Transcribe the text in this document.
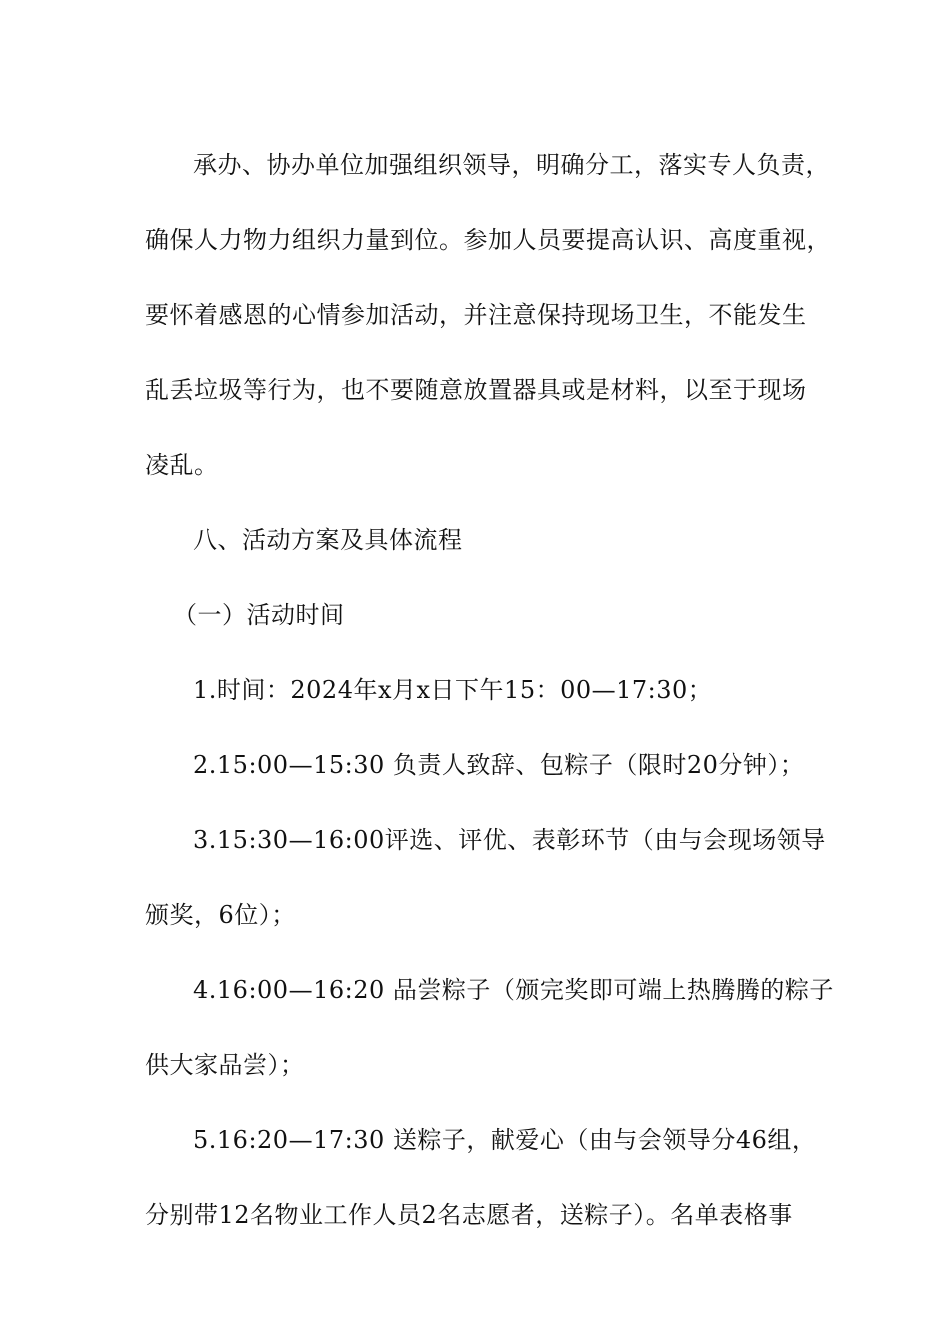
承办、协办单位加强组织领导，明确分工，落实专人负责，
确保人力物力组织力量到位。参加人员要提高认识、高度重视，
要怀着感恩的心情参加活动，并注意保持现场卫生，不能发生
乱丢垃圾等行为，也不要随意放置器具或是材料，以至于现场
凌乱。
八、活动方案及具体流程
（一）活动时间
1.时间：2024年x月x日下午15：00—17:30；
2.15:00—15:30 负责人致辞、包粽子（限时20分钟）；
3.15:30—16:00评选、评优、表彰环节（由与会现场领导
颁奖，6位）；
4.16:00—16:20 品尝粽子（颁完奖即可端上热腾腾的粽子
供大家品尝）；
5.16:20—17:30 送粽子，献爱心（由与会领导分46组，
分别带12名物业工作人员2名志愿者，送粽子）。名单表格事
